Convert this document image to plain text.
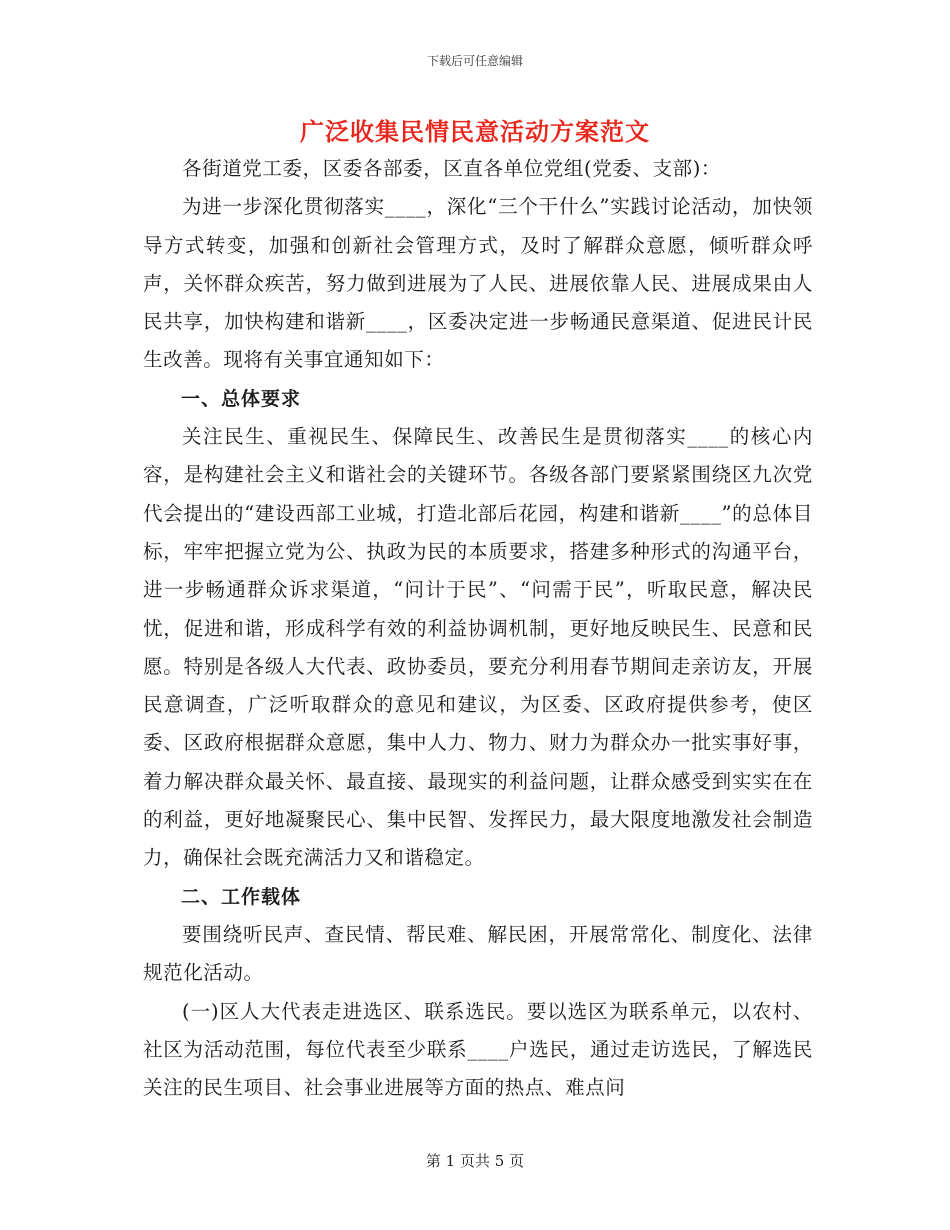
下载后可任意编辑
广泛收集民情民意活动方案范文

各街道党工委，区委各部委，区直各单位党组(党委、支部)：

为进一步深化贯彻落实____，深化“三个干什么”实践讨论活动，加快领导方式转变，加强和创新社会管理方式，及时了解群众意愿，倾听群众呼声，关怀群众疾苦，努力做到进展为了人民、进展依靠人民、进展成果由人民共享，加快构建和谐新____，区委决定进一步畅通民意渠道、促进民计民生改善。现将有关事宜通知如下：

一、总体要求

关注民生、重视民生、保障民生、改善民生是贯彻落实____的核心内容，是构建社会主义和谐社会的关键环节。各级各部门要紧紧围绕区九次党代会提出的“建设西部工业城，打造北部后花园，构建和谐新____”的总体目标，牢牢把握立党为公、执政为民的本质要求，搭建多种形式的沟通平台，进一步畅通群众诉求渠道，“问计于民”、“问需于民”，听取民意，解决民忧，促进和谐，形成科学有效的利益协调机制，更好地反映民生、民意和民愿。特别是各级人大代表、政协委员，要充分利用春节期间走亲访友，开展民意调查，广泛听取群众的意见和建议，为区委、区政府提供参考，使区委、区政府根据群众意愿，集中人力、物力、财力为群众办一批实事好事，着力解决群众最关怀、最直接、最现实的利益问题，让群众感受到实实在在的利益，更好地凝聚民心、集中民智、发挥民力，最大限度地激发社会制造力，确保社会既充满活力又和谐稳定。

二、工作载体

要围绕听民声、查民情、帮民难、解民困，开展常常化、制度化、法律规范化活动。

(一)区人大代表走进选区、联系选民。要以选区为联系单元，以农村、社区为活动范围，每位代表至少联系____户选民，通过走访选民，了解选民关注的民生项目、社会事业进展等方面的热点、难点问

第 1 页共 5 页
